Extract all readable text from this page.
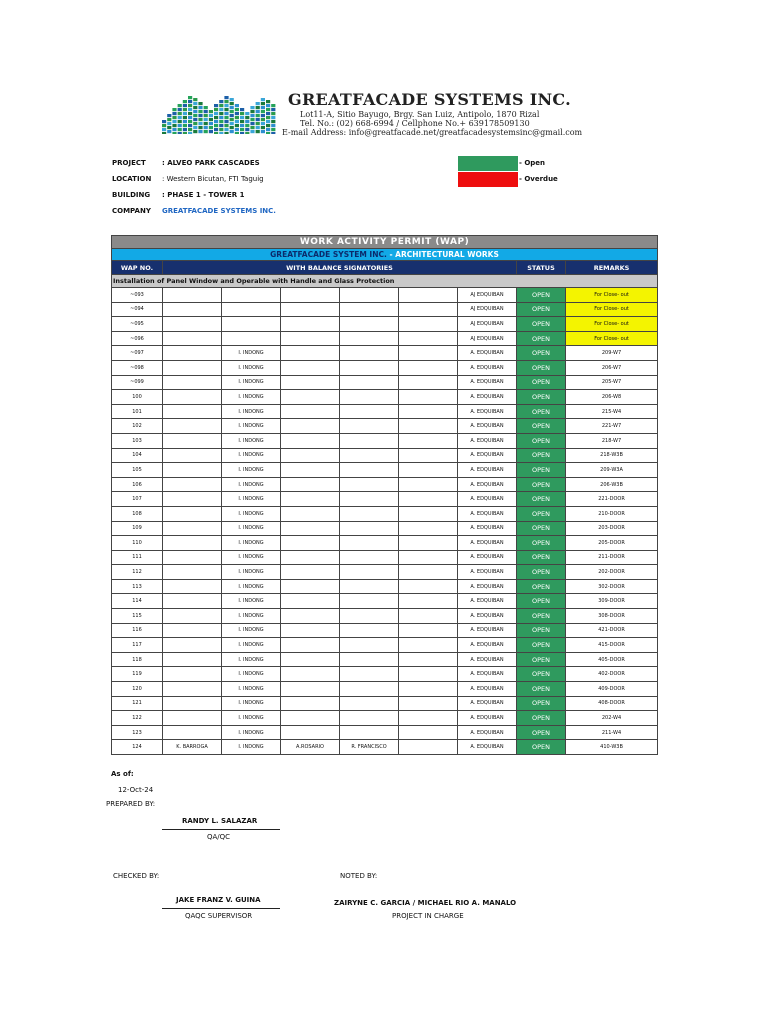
GREATFACADE SYSTEMS INC.
Lot11-A, Sitio Bayugo, Brgy. San Luiz, Antipolo, 1870 Rizal
Tel. No.: (02) 668-6994 / Cellphone No.+ 639178509130
E-mail Address: info@greatfacade.net/greatfacadesystemsinc@gmail.com
PROJECT : ALVEO PARK CASCADES
LOCATION : Western Bicutan, FTI Taguig
BUILDING : PHASE 1 - TOWER 1
COMPANY GREATFACADE SYSTEMS INC.
- Open
- Overdue
WORK ACTIVITY PERMIT (WAP)								
GREATFACADE SYSTEM INC. - ARCHITECTURAL WORKS								
WAP NO.	WITH BALANCE SIGNATORIES						STATUS	REMARKS
Installation of Panel Window and Operable with Handle and Glass Protection								
~093						AJ EDQUIBAN	OPEN	For Close- out
~094						AJ EDQUIBAN	OPEN	For Close- out
~095						AJ EDQUIBAN	OPEN	For Close- out
~096						AJ EDQUIBAN	OPEN	For Close- out
~097		I. INDONG				A. EDQUIBAN	OPEN	209-W7
~098		I. INDONG				A. EDQUIBAN	OPEN	206-W7
~099		I. INDONG				A. EDQUIBAN	OPEN	205-W7
100		I. INDONG				A. EDQUIBAN	OPEN	206-W8
101		I. INDONG				A. EDQUIBAN	OPEN	215-W4
102		I. INDONG				A. EDQUIBAN	OPEN	221-W7
103		I. INDONG				A. EDQUIBAN	OPEN	218-W7
104		I. INDONG				A. EDQUIBAN	OPEN	218-W3B
105		I. INDONG				A. EDQUIBAN	OPEN	209-W3A
106		I. INDONG				A. EDQUIBAN	OPEN	206-W3B
107		I. INDONG				A. EDQUIBAN	OPEN	221-DOOR
108		I. INDONG				A. EDQUIBAN	OPEN	210-DOOR
109		I. INDONG				A. EDQUIBAN	OPEN	203-DOOR
110		I. INDONG				A. EDQUIBAN	OPEN	205-DOOR
111		I. INDONG				A. EDQUIBAN	OPEN	211-DOOR
112		I. INDONG				A. EDQUIBAN	OPEN	202-DOOR
113		I. INDONG				A. EDQUIBAN	OPEN	302-DOOR
114		I. INDONG				A. EDQUIBAN	OPEN	309-DOOR
115		I. INDONG				A. EDQUIBAN	OPEN	308-DOOR
116		I. INDONG				A. EDQUIBAN	OPEN	421-DOOR
117		I. INDONG				A. EDQUIBAN	OPEN	415-DOOR
118		I. INDONG				A. EDQUIBAN	OPEN	405-DOOR
119		I. INDONG				A. EDQUIBAN	OPEN	402-DOOR
120		I. INDONG				A. EDQUIBAN	OPEN	409-DOOR
121		I. INDONG				A. EDQUIBAN	OPEN	408-DOOR
122		I. INDONG				A. EDQUIBAN	OPEN	202-W4
123		I. INDONG				A. EDQUIBAN	OPEN	211-W4
124	K. BARROGA	I. INDONG	A.ROSARIO	R. FRANCISCO		A. EDQUIBAN	OPEN	410-W3B
As of:
12-Oct-24
PREPARED BY:
RANDY L. SALAZAR
QA/QC
CHECKED BY:
JAKE FRANZ V. GUINA
QAQC SUPERVISOR
NOTED BY:
ZAIRYNE C. GARCIA / MICHAEL RIO A. MANALO
PROJECT IN CHARGE
